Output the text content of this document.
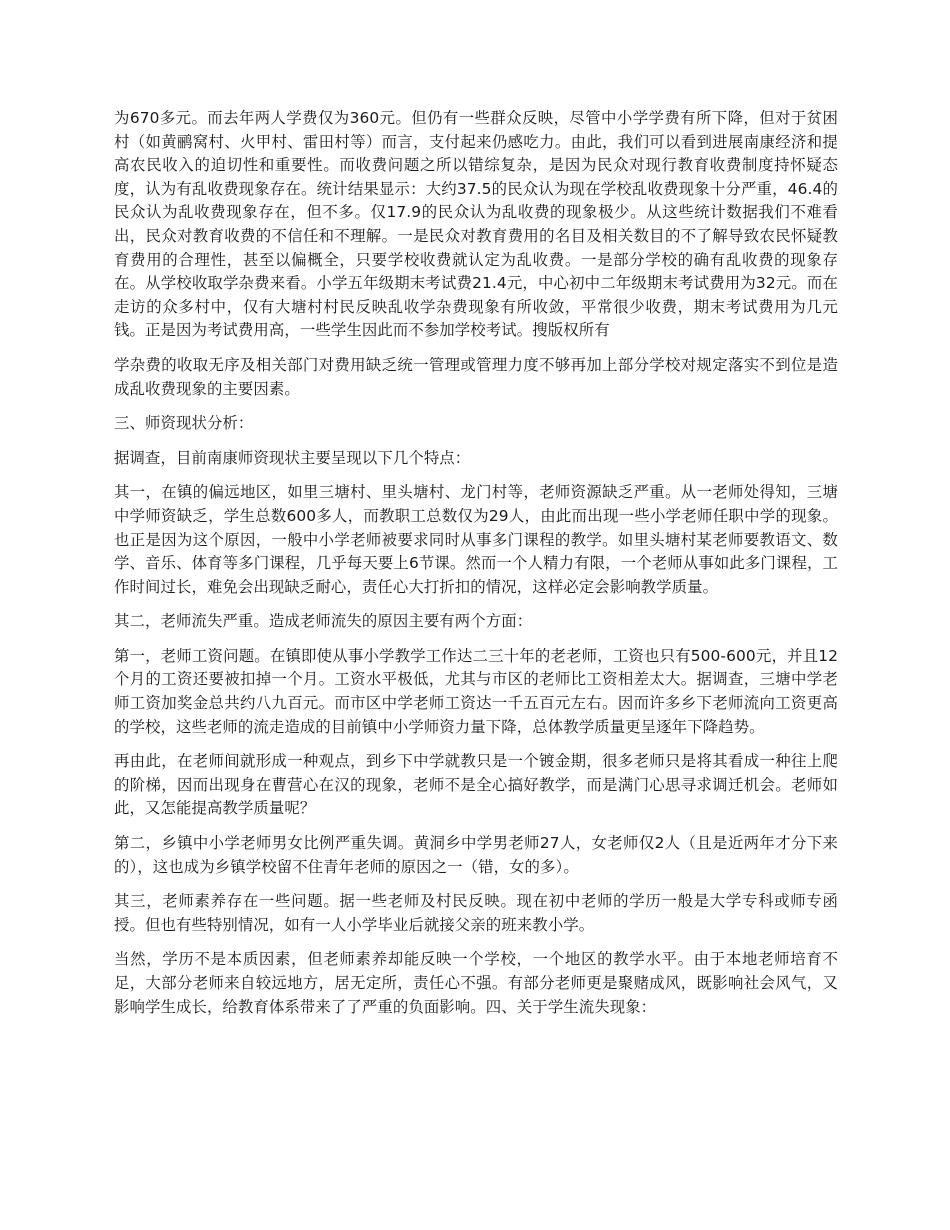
为670多元。而去年两人学费仅为360元。但仍有一些群众反映，尽管中小学学费有所下降，但对于贫困村（如黄鹂窝村、火甲村、雷田村等）而言，支付起来仍感吃力。由此，我们可以看到进展南康经济和提高农民收入的迫切性和重要性。而收费问题之所以错综复杂，是因为民众对现行教育收费制度持怀疑态度，认为有乱收费现象存在。统计结果显示：大约37.5的民众认为现在学校乱收费现象十分严重，46.4的民众认为乱收费现象存在，但不多。仅17.9的民众认为乱收费的现象极少。从这些统计数据我们不难看出，民众对教育收费的不信任和不理解。一是民众对教育费用的名目及相关数目的不了解导致农民怀疑教育费用的合理性，甚至以偏概全，只要学校收费就认定为乱收费。一是部分学校的确有乱收费的现象存在。从学校收取学杂费来看。小学五年级期末考试费21.4元，中心初中二年级期末考试费用为32元。而在走访的众多村中，仅有大塘村村民反映乱收学杂费现象有所收敛，平常很少收费，期末考试费用为几元钱。正是因为考试费用高，一些学生因此而不参加学校考试。搜版权所有

学杂费的收取无序及相关部门对费用缺乏统一管理或管理力度不够再加上部分学校对规定落实不到位是造成乱收费现象的主要因素。

三、师资现状分析：

据调查，目前南康师资现状主要呈现以下几个特点：

其一，在镇的偏远地区，如里三塘村、里头塘村、龙门村等，老师资源缺乏严重。从一老师处得知，三塘中学师资缺乏，学生总数600多人，而教职工总数仅为29人，由此而出现一些小学老师任职中学的现象。也正是因为这个原因，一般中小学老师被要求同时从事多门课程的教学。如里头塘村某老师要教语文、数学、音乐、体育等多门课程，几乎每天要上6节课。然而一个人精力有限，一个老师从事如此多门课程，工作时间过长，难免会出现缺乏耐心，责任心大打折扣的情况，这样必定会影响教学质量。

其二，老师流失严重。造成老师流失的原因主要有两个方面：

第一，老师工资问题。在镇即使从事小学教学工作达二三十年的老老师，工资也只有500-600元，并且12个月的工资还要被扣掉一个月。工资水平极低，尤其与市区的老师比工资相差太大。据调查，三塘中学老师工资加奖金总共约八九百元。而市区中学老师工资达一千五百元左右。因而许多乡下老师流向工资更高的学校，这些老师的流走造成的目前镇中小学师资力量下降，总体教学质量更呈逐年下降趋势。

再由此，在老师间就形成一种观点，到乡下中学就教只是一个镀金期，很多老师只是将其看成一种往上爬的阶梯，因而出现身在曹营心在汉的现象，老师不是全心搞好教学，而是满门心思寻求调迁机会。老师如此，又怎能提高教学质量呢？

第二，乡镇中小学老师男女比例严重失调。黄洞乡中学男老师27人，女老师仅2人（且是近两年才分下来的），这也成为乡镇学校留不住青年老师的原因之一（错，女的多）。

其三，老师素养存在一些问题。据一些老师及村民反映。现在初中老师的学历一般是大学专科或师专函授。但也有些特别情况，如有一人小学毕业后就接父亲的班来教小学。

当然，学历不是本质因素，但老师素养却能反映一个学校，一个地区的教学水平。由于本地老师培育不足，大部分老师来自较远地方，居无定所，责任心不强。有部分老师更是聚赌成风，既影响社会风气，又影响学生成长，给教育体系带来了了严重的负面影响。四、关于学生流失现象：
